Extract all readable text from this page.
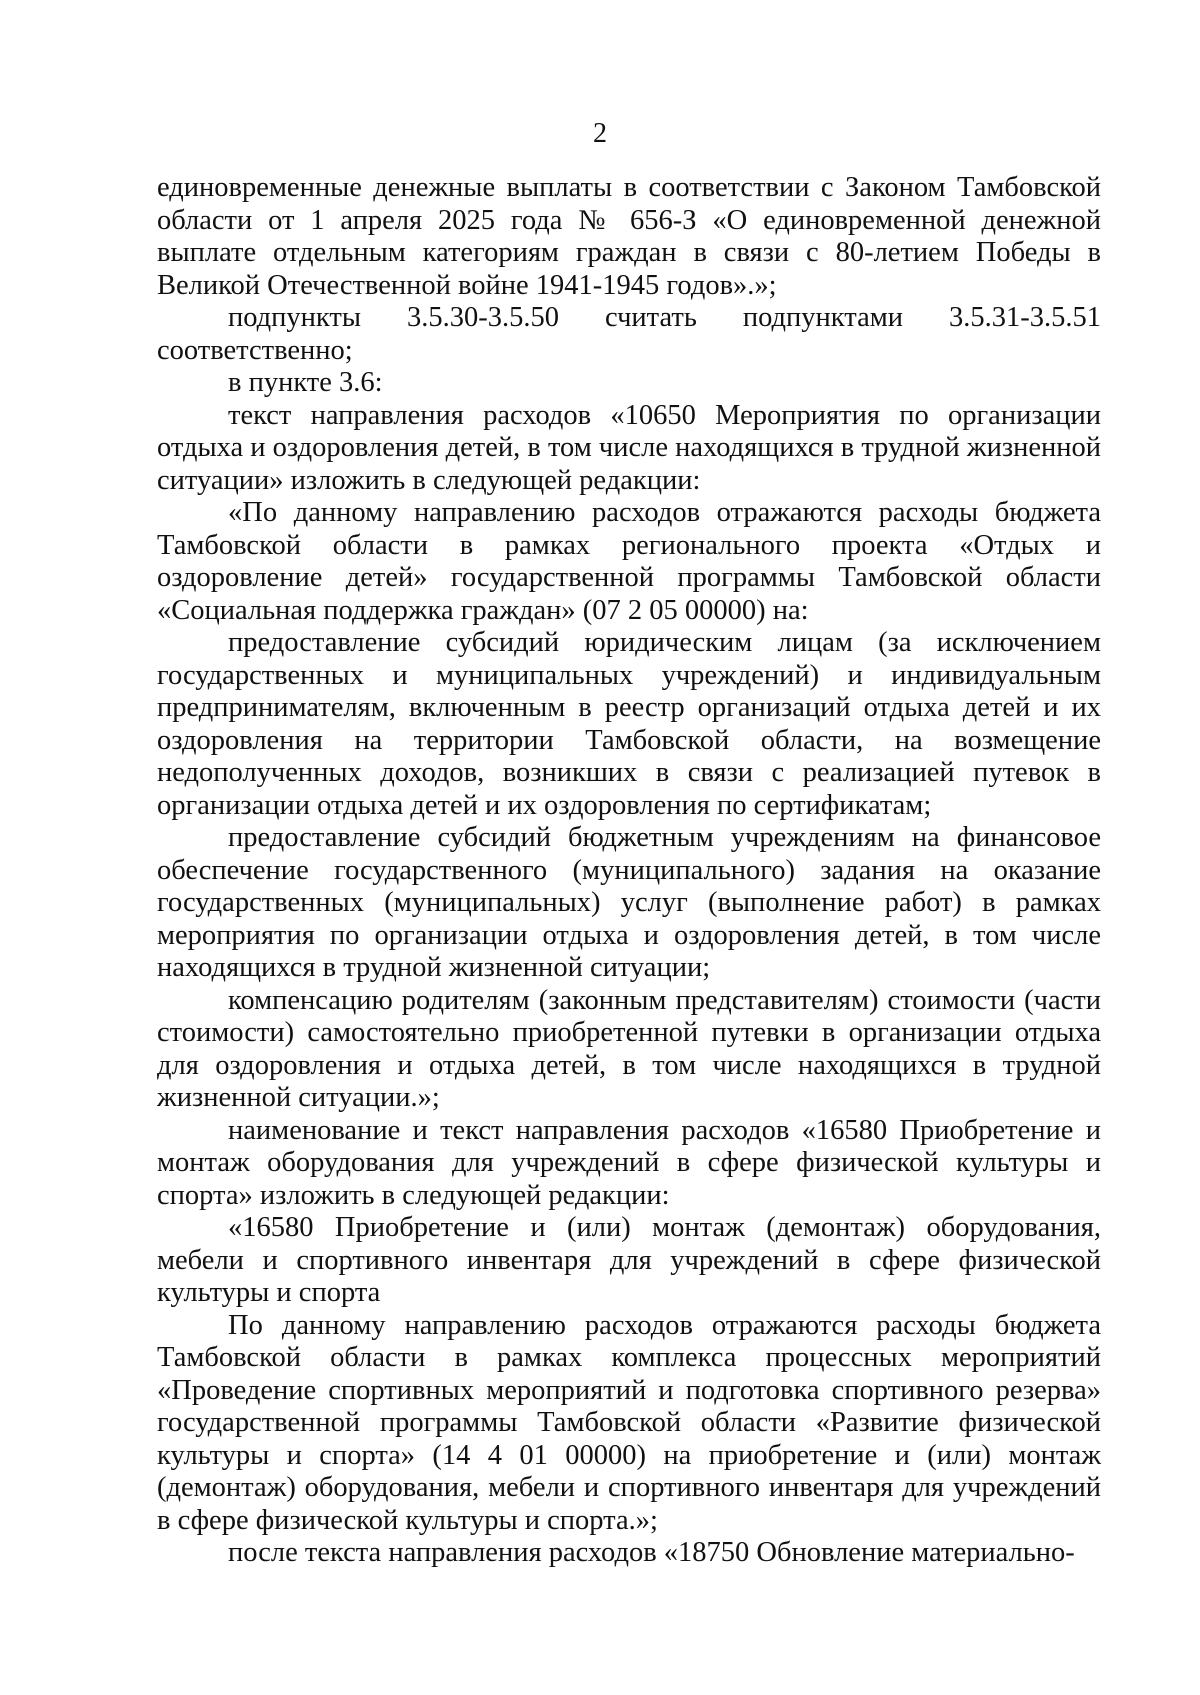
2

единовременные денежные выплаты в соответствии с Законом Тамбовской области от 1 апреля 2025 года № 656-З «О единовременной денежной выплате отдельным категориям граждан в связи с 80-летием Победы в Великой Отечественной войне 1941-1945 годов».»;

подпункты 3.5.30-3.5.50 считать подпунктами 3.5.31-3.5.51 соответственно;

в пункте 3.6:

текст направления расходов «10650 Мероприятия по организации отдыха и оздоровления детей, в том числе находящихся в трудной жизненной ситуации» изложить в следующей редакции:

«По данному направлению расходов отражаются расходы бюджета Тамбовской области в рамках регионального проекта «Отдых и оздоровление детей» государственной программы Тамбовской области «Социальная поддержка граждан» (07 2 05 00000) на:

предоставление субсидий юридическим лицам (за исключением государственных и муниципальных учреждений) и индивидуальным предпринимателям, включенным в реестр организаций отдыха детей и их оздоровления на территории Тамбовской области, на возмещение недополученных доходов, возникших в связи с реализацией путевок в организации отдыха детей и их оздоровления по сертификатам;

предоставление субсидий бюджетным учреждениям на финансовое обеспечение государственного (муниципального) задания на оказание государственных (муниципальных) услуг (выполнение работ) в рамках мероприятия по организации отдыха и оздоровления детей, в том числе находящихся в трудной жизненной ситуации;

компенсацию родителям (законным представителям) стоимости (части стоимости) самостоятельно приобретенной путевки в организации отдыха для оздоровления и отдыха детей, в том числе находящихся в трудной жизненной ситуации.»;

наименование и текст направления расходов «16580 Приобретение и монтаж оборудования для учреждений в сфере физической культуры и спорта» изложить в следующей редакции:

«16580 Приобретение и (или) монтаж (демонтаж) оборудования, мебели и спортивного инвентаря для учреждений в сфере физической культуры и спорта

По данному направлению расходов отражаются расходы бюджета Тамбовской области в рамках комплекса процессных мероприятий «Проведение спортивных мероприятий и подготовка спортивного резерва» государственной программы Тамбовской области «Развитие физической культуры и спорта» (14 4 01 00000) на приобретение и (или) монтаж (демонтаж) оборудования, мебели и спортивного инвентаря для учреждений в сфере физической культуры и спорта.»;

после текста направления расходов «18750 Обновление материально-
